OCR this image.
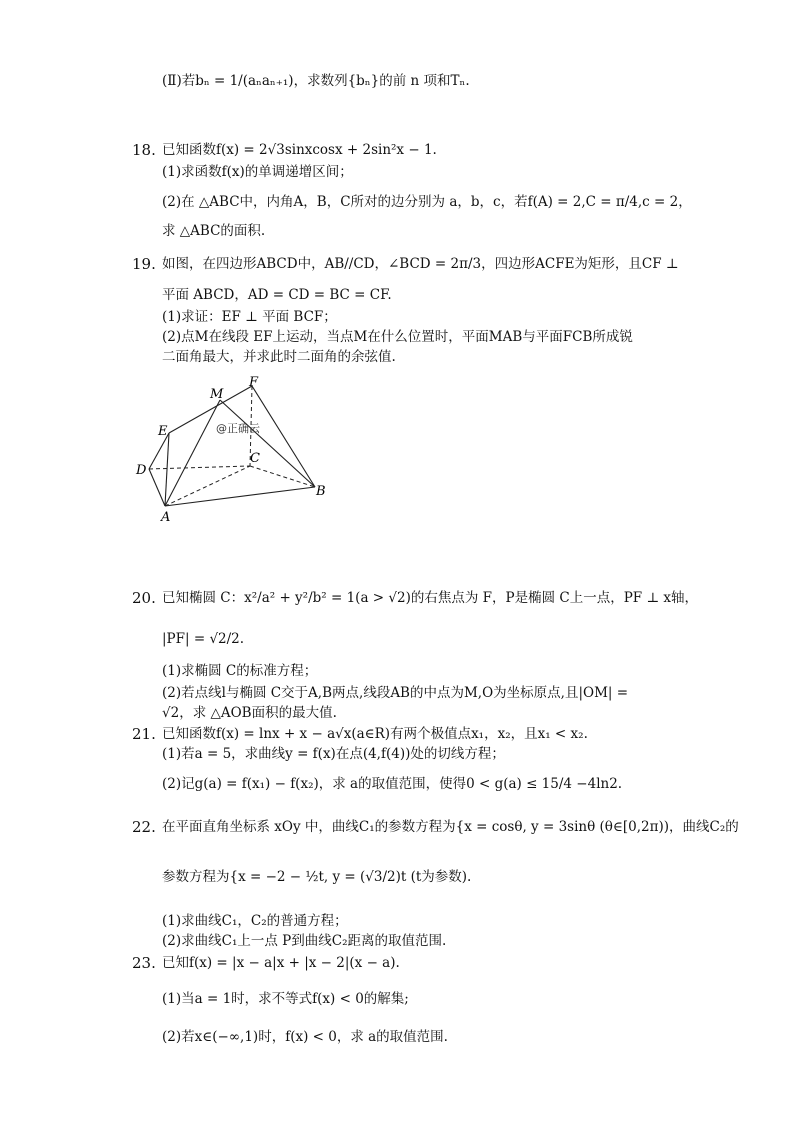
(Ⅱ)若bₙ = 1/(aₙaₙ₊₁)，求数列{bₙ}的前 n 项和Tₙ.
18. 已知函数f(x) = 2√3sinxcosx + 2sin²x − 1.
(1)求函数f(x)的单调递增区间；
(2)在 △ABC中，内角A，B，C所对的边分别为 a，b，c，若f(A) = 2,C = π/4,c = 2，
求 △ABC的面积.
19. 如图，在四边形ABCD中，AB//CD，∠BCD = 2π/3，四边形ACFE为矩形，且CF ⊥
平面 ABCD，AD = CD = BC = CF.
(1)求证：EF ⊥ 平面 BCF；
(2)点M在线段 EF上运动，当点M在什么位置时，平面MAB与平面FCB所成锐
二面角最大，并求此时二面角的余弦值.
M
F
E
C
D
B
A
@正确云
20. 已知椭圆 C：x²/a² + y²/b² = 1(a > √2)的右焦点为 F，P是椭圆 C上一点，PF ⊥ x轴，
|PF| = √2/2.
(1)求椭圆 C的标准方程；
(2)若点线l与椭圆 C交于A,B两点,线段AB的中点为M,O为坐标原点,且|OM| =
√2，求 △AOB面积的最大值.
21. 已知函数f(x) = lnx + x − a√x(a∈R)有两个极值点x₁，x₂，且x₁ < x₂.
(1)若a = 5，求曲线y = f(x)在点(4,f(4))处的切线方程；
(2)记g(a) = f(x₁) − f(x₂)，求 a的取值范围，使得0 < g(a) ≤ 15/4 −4ln2.
22. 在平面直角坐标系 xOy 中，曲线C₁的参数方程为{x = cosθ, y = 3sinθ (θ∈[0,2π))，曲线C₂的
参数方程为{x = −2 − ½t, y = (√3/2)t (t为参数).
(1)求曲线C₁，C₂的普通方程；
(2)求曲线C₁上一点 P到曲线C₂距离的取值范围.
23. 已知f(x) = |x − a|x + |x − 2|(x − a).
(1)当a = 1时，求不等式f(x) < 0的解集;
(2)若x∈(−∞,1)时，f(x) < 0，求 a的取值范围.
